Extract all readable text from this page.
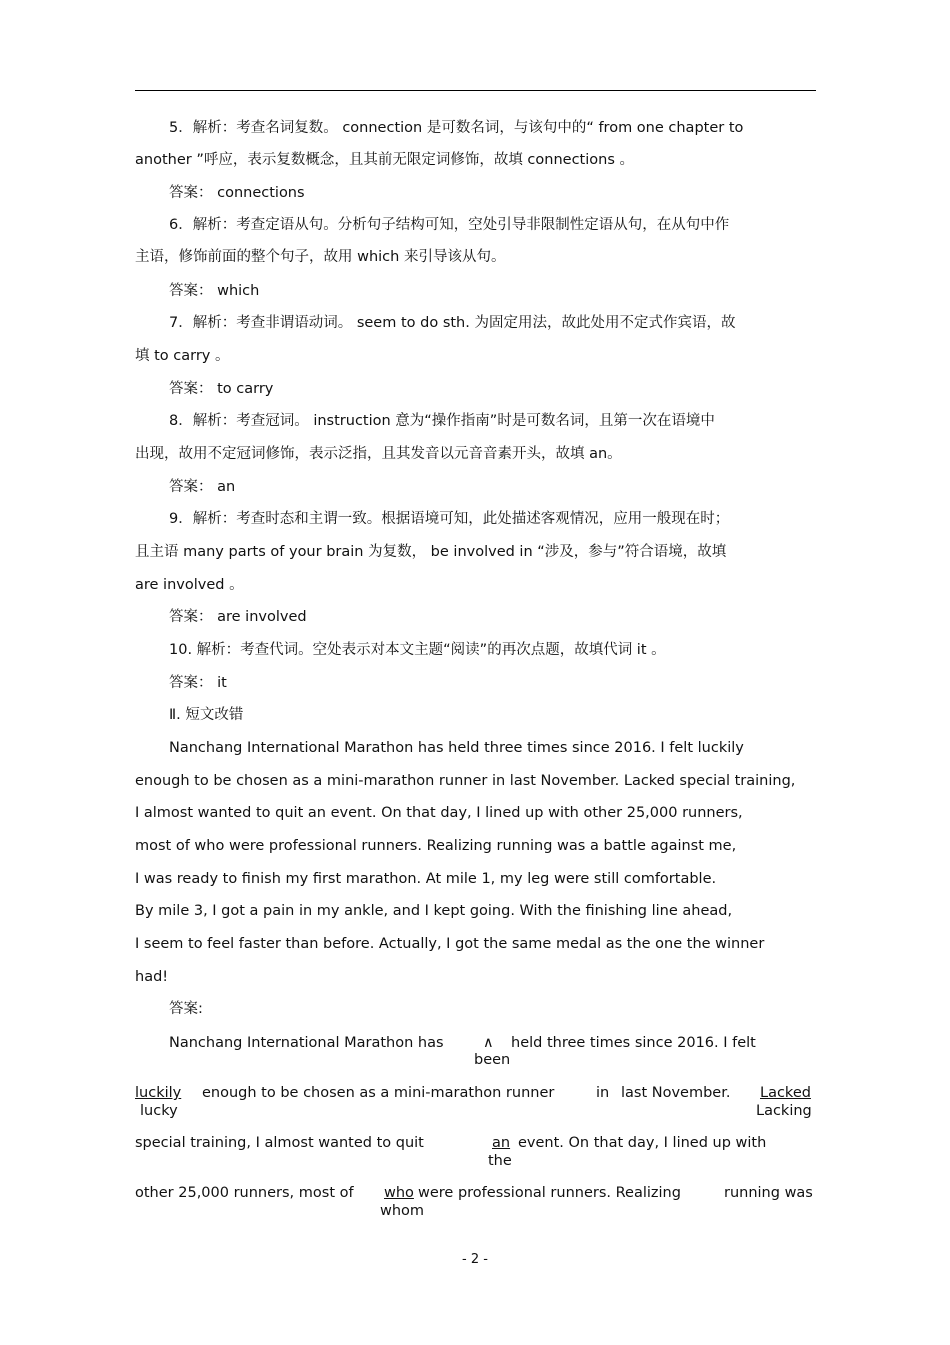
5．解析：考查名词复数。 connection 是可数名词，与该句中的“ from one chapter to
another ”呼应，表示复数概念，且其前无限定词修饰，故填 connections 。
答案： connections
6．解析：考查定语从句。分析句子结构可知，空处引导非限制性定语从句，在从句中作
主语，修饰前面的整个句子，故用 which 来引导该从句。
答案： which
7．解析：考查非谓语动词。 seem to do sth. 为固定用法，故此处用不定式作宾语，故
填 to carry 。
答案： to carry
8．解析：考查冠词。 instruction 意为“操作指南”时是可数名词，且第一次在语境中
出现，故用不定冠词修饰，表示泛指，且其发音以元音音素开头，故填 an。
答案： an
9．解析：考查时态和主谓一致。根据语境可知，此处描述客观情况，应用一般现在时；
且主语 many parts of your brain 为复数， be involved in “涉及，参与”符合语境，故填
are involved 。
答案： are involved
10. 解析：考查代词。空处表示对本文主题“阅读”的再次点题，故填代词 it 。
答案： it
Ⅱ. 短文改错
Nanchang International Marathon has held three times since 2016. I felt luckily
enough to be chosen as a mini-marathon runner in last November. Lacked special training,
I almost wanted to quit an event. On that day, I lined up with other 25,000 runners,
most of who were professional runners. Realizing running was a battle against me,
I was ready to finish my first marathon. At mile 1, my leg were still comfortable.
By mile 3, I got a pain in my ankle, and I kept going. With the finishing line ahead,
I seem to feel faster than before. Actually, I got the same medal as the one the winner
had!
答案:
Nanchang International Marathon has	∧ held three times since 2016. I felt
been
luckily	enough to be chosen as a mini-marathon runner	in last November. Lacked
lucky	Lacking
special training, I almost wanted to quit	an event. On that day, I lined up with
the
other 25,000 runners, most of who were professional runners. Realizing	running was
whom
- 2 -
